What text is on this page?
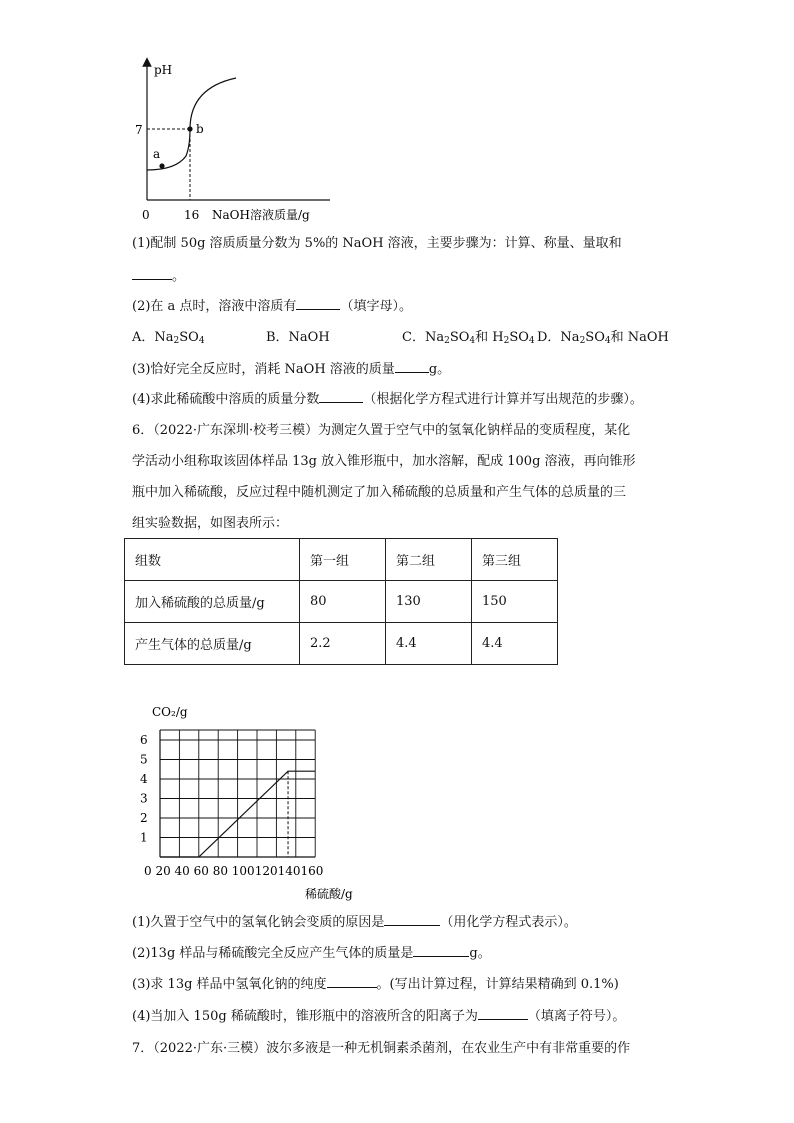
pH
a
b
7
0	16 NaOH溶液质量/g
(1)配制 50g 溶质质量分数为 5%的 NaOH 溶液，主要步骤为：计算、称量、量取和
。
(2)在 a 点时，溶液中溶质有	（填字母）。
A．$Na_2SO_4$	B．NaOH	C．$Na_2SO_4$和 $H_2SO_4$ D．$Na_2SO_4$和 NaOH
(3)恰好完全反应时，消耗 NaOH 溶液的质量	g。
(4)求此稀硫酸中溶质的质量分数	（根据化学方程式进行计算并写出规范的步骤）。
6．（2022·广东深圳·校考三模）为测定久置于空气中的氢氧化钠样品的变质程度，某化
学活动小组称取该固体样品 13g 放入锥形瓶中，加水溶解，配成 100g 溶液，再向锥形
瓶中加入稀硫酸，反应过程中随机测定了加入稀硫酸的总质量和产生气体的总质量的三
组实验数据，如图表所示：
组数	第一组	第二组	第三组
加入稀硫酸的总质量/g	80	130	150
产生气体的总质量/g	2.2	4.4	4.4
CO₂/g
1
2
3
4
5
6
0 20 40 60 80 100120140160
稀硫酸/g
(1)久置于空气中的氢氧化钠会变质的原因是	（用化学方程式表示）。
(2)13g 样品与稀硫酸完全反应产生气体的质量是	g。
(3)求 13g 样品中氢氧化钠的纯度	。(写出计算过程，计算结果精确到 0.1%)
(4)当加入 150g 稀硫酸时，锥形瓶中的溶液所含的阳离子为	（填离子符号）。
7．（2022·广东·三模）波尔多液是一种无机铜素杀菌剂，在农业生产中有非常重要的作
